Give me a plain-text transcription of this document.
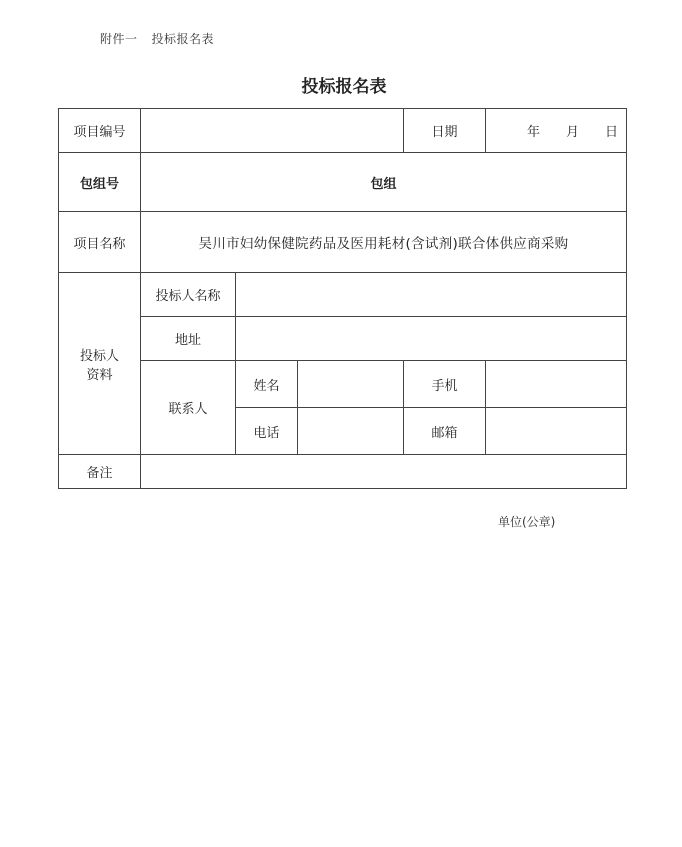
附件一 投标报名表
投标报名表
项目编号				日期	年 月 日
包组号	包组				
项目名称	吴川市妇幼保健院药品及医用耗材(含试剂)联合体供应商采购				

投标人
资料	投标人名称				
	地址				
	联系人	姓名		手机	
		电话		邮箱	
备注					
单位(公章)
